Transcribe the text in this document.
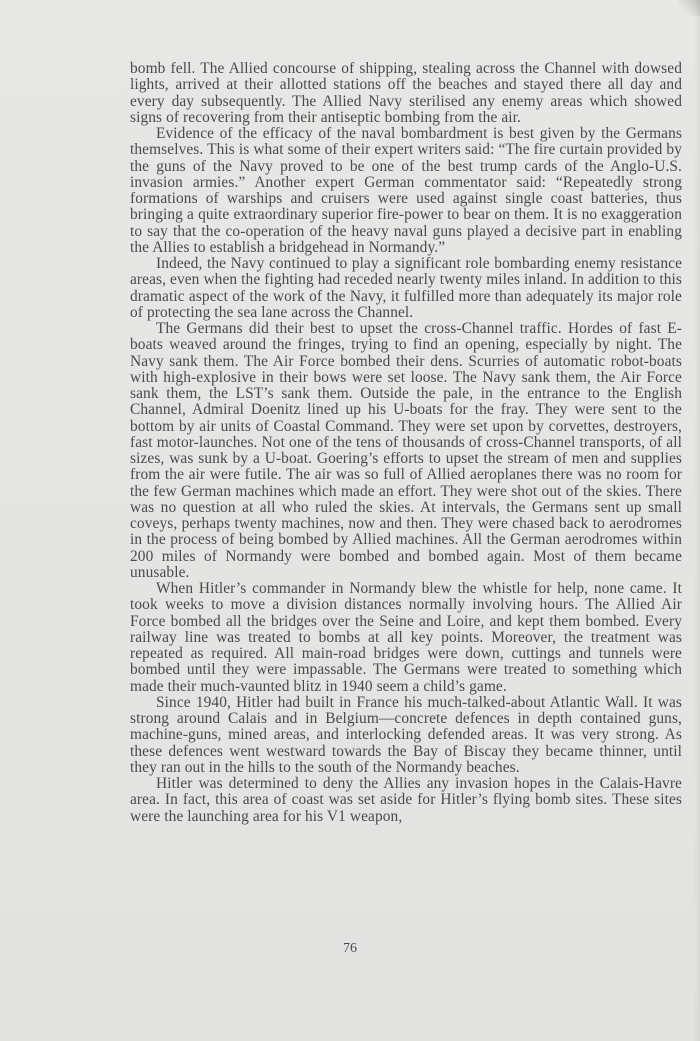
bomb fell. The Allied concourse of shipping, stealing across the Channel with dowsed lights, arrived at their allotted stations off the beaches and stayed there all day and every day subsequently. The Allied Navy sterilised any enemy areas which showed signs of recovering from their antiseptic bombing from the air.

Evidence of the efficacy of the naval bombardment is best given by the Germans themselves. This is what some of their expert writers said: “The fire curtain provided by the guns of the Navy proved to be one of the best trump cards of the Anglo-U.S. invasion armies.” Another expert German commentator said: “Repeatedly strong formations of warships and cruisers were used against single coast batteries, thus bringing a quite extraordinary superior fire-power to bear on them. It is no exaggeration to say that the co-operation of the heavy naval guns played a decisive part in enabling the Allies to establish a bridgehead in Normandy.”

Indeed, the Navy continued to play a significant role bombarding enemy resistance areas, even when the fighting had receded nearly twenty miles inland. In addition to this dramatic aspect of the work of the Navy, it fulfilled more than adequately its major role of protecting the sea lane across the Channel.

The Germans did their best to upset the cross-Channel traffic. Hordes of fast E-boats weaved around the fringes, trying to find an opening, especially by night. The Navy sank them. The Air Force bombed their dens. Scurries of automatic robot-boats with high-explosive in their bows were set loose. The Navy sank them, the Air Force sank them, the LST’s sank them. Outside the pale, in the entrance to the English Channel, Admiral Doenitz lined up his U-boats for the fray. They were sent to the bottom by air units of Coastal Command. They were set upon by corvettes, destroyers, fast motor-launches. Not one of the tens of thousands of cross-Channel transports, of all sizes, was sunk by a U-boat. Goering’s efforts to upset the stream of men and supplies from the air were futile. The air was so full of Allied aeroplanes there was no room for the few German machines which made an effort. They were shot out of the skies. There was no question at all who ruled the skies. At intervals, the Germans sent up small coveys, perhaps twenty machines, now and then. They were chased back to aerodromes in the process of being bombed by Allied machines. All the German aerodromes within 200 miles of Normandy were bombed and bombed again. Most of them became unusable.

When Hitler’s commander in Normandy blew the whistle for help, none came. It took weeks to move a division distances normally involving hours. The Allied Air Force bombed all the bridges over the Seine and Loire, and kept them bombed. Every railway line was treated to bombs at all key points. Moreover, the treatment was repeated as required. All main-road bridges were down, cuttings and tunnels were bombed until they were impassable. The Germans were treated to something which made their much-vaunted blitz in 1940 seem a child’s game.

Since 1940, Hitler had built in France his much-talked-about Atlantic Wall. It was strong around Calais and in Belgium—concrete defences in depth contained guns, machine-guns, mined areas, and interlocking defended areas. It was very strong. As these defences went westward towards the Bay of Biscay they became thinner, until they ran out in the hills to the south of the Normandy beaches.

Hitler was determined to deny the Allies any invasion hopes in the Calais-Havre area. In fact, this area of coast was set aside for Hitler’s flying bomb sites. These sites were the launching area for his V1 weapon,

76
